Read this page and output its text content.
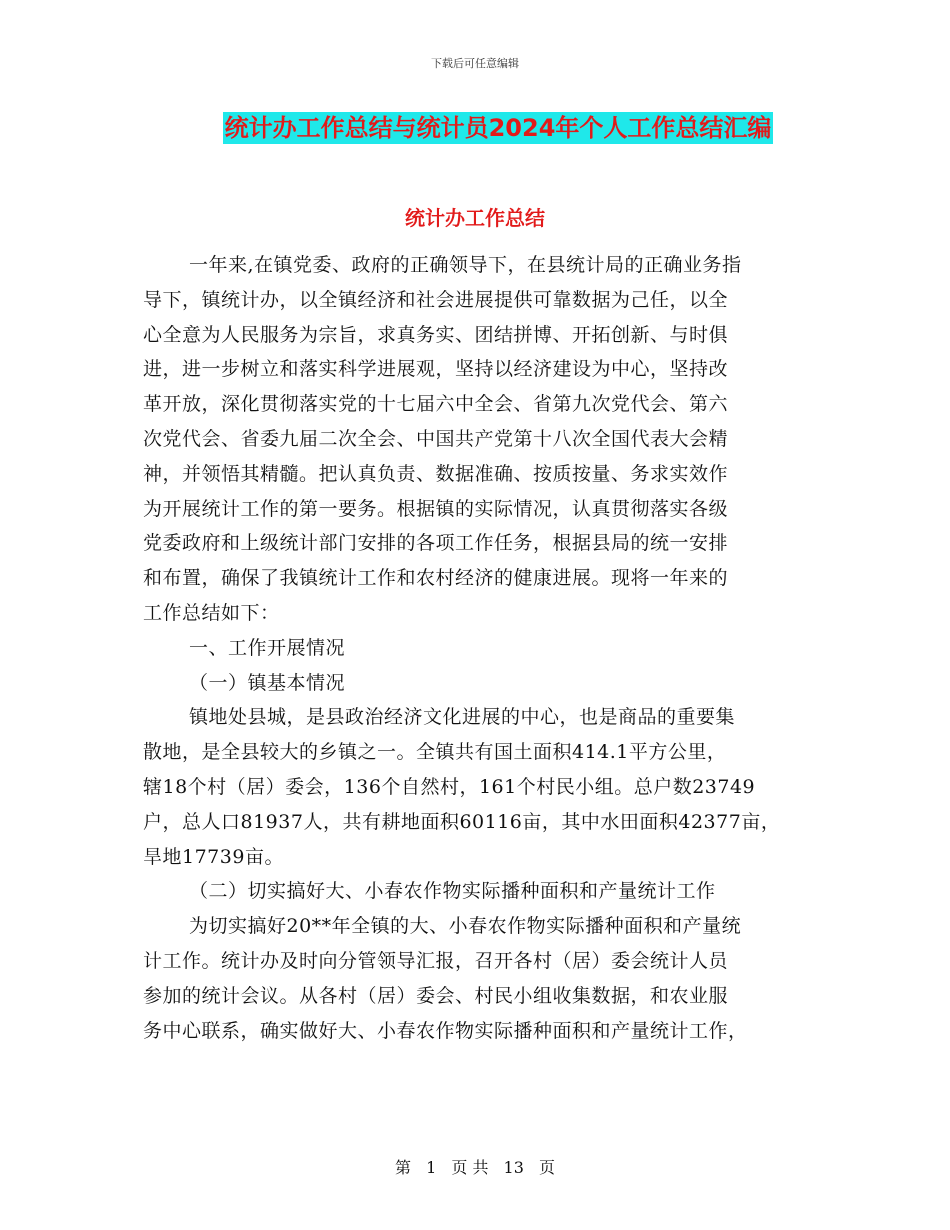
下载后可任意编辑
统计办工作总结与统计员2024年个人工作总结汇编
统计办工作总结
一年来,在镇党委、政府的正确领导下，在县统计局的正确业务指
导下，镇统计办，以全镇经济和社会进展提供可靠数据为己任，以全
心全意为人民服务为宗旨，求真务实、团结拼博、开拓创新、与时俱
进，进一步树立和落实科学进展观，坚持以经济建设为中心，坚持改
革开放，深化贯彻落实党的十七届六中全会、省第九次党代会、第六
次党代会、省委九届二次全会、中国共产党第十八次全国代表大会精
神，并领悟其精髓。把认真负责、数据准确、按质按量、务求实效作
为开展统计工作的第一要务。根据镇的实际情况，认真贯彻落实各级
党委政府和上级统计部门安排的各项工作任务，根据县局的统一安排
和布置，确保了我镇统计工作和农村经济的健康进展。现将一年来的
工作总结如下：
一、工作开展情况
（一）镇基本情况
镇地处县城，是县政治经济文化进展的中心，也是商品的重要集
散地，是全县较大的乡镇之一。全镇共有国土面积414.1平方公里，
辖18个村（居）委会，136个自然村，161个村民小组。总户数23749
户，总人口81937人，共有耕地面积60116亩，其中水田面积42377亩，
旱地17739亩。
（二）切实搞好大、小春农作物实际播种面积和产量统计工作
为切实搞好20**年全镇的大、小春农作物实际播种面积和产量统
计工作。统计办及时向分管领导汇报，召开各村（居）委会统计人员
参加的统计会议。从各村（居）委会、村民小组收集数据，和农业服
务中心联系，确实做好大、小春农作物实际播种面积和产量统计工作，
第 1 页 共 13 页
